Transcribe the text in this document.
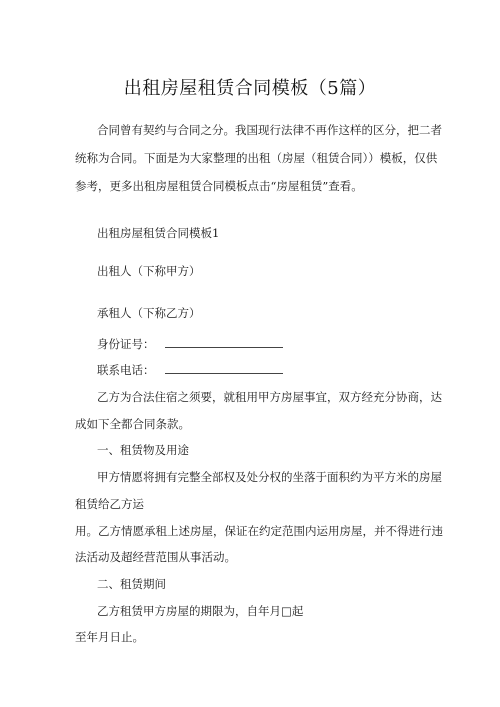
出租房屋租赁合同模板（5篇）
合同曾有契约与合同之分。我国现行法律不再作这样的区分，把二者
统称为合同。下面是为大家整理的出租（房屋（租赁合同））模板，仅供
参考，更多出租房屋租赁合同模板点击“房屋租赁”查看。
出租房屋租赁合同模板1
出租人（下称甲方）
承租人（下称乙方）
身份证号：
联系电话：
乙方为合法住宿之须要，就租用甲方房屋事宜，双方经充分协商，达
成如下全都合同条款。
一、租赁物及用途
甲方情愿将拥有完整全部权及处分权的坐落于面积约为平方米的房屋
租赁给乙方运
用。乙方情愿承租上述房屋，保证在约定范围内运用房屋，并不得进行违
法活动及超经营范围从事活动。
二、租赁期间
乙方租赁甲方房屋的期限为，自年月□起
至年月日止。
